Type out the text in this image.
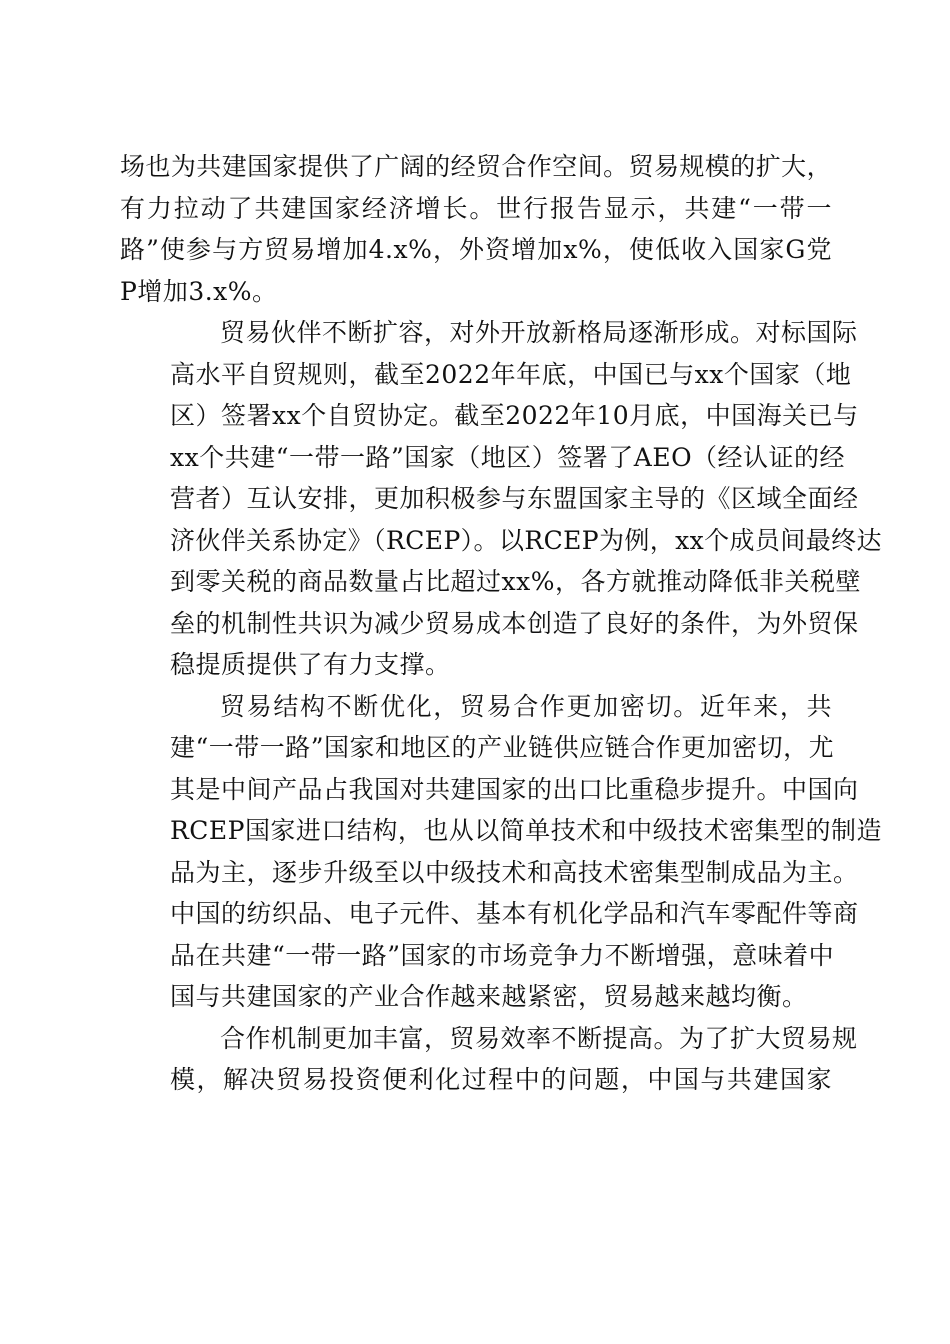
场也为共建国家提供了广阔的经贸合作空间。贸易规模的扩大，
有力拉动了共建国家经济增长。世行报告显示，共建“一带一
路”使参与方贸易增加4.x%，外资增加x%，使低收入国家G党
P增加3.x%。

贸易伙伴不断扩容，对外开放新格局逐渐形成。对标国际
高水平自贸规则，截至2022年年底，中国已与xx个国家（地
区）签署xx个自贸协定。截至2022年10月底，中国海关已与
xx个共建“一带一路”国家（地区）签署了AEO（经认证的经
营者）互认安排，更加积极参与东盟国家主导的《区域全面经
济伙伴关系协定》（RCEP）。以RCEP为例，xx个成员间最终达
到零关税的商品数量占比超过xx%，各方就推动降低非关税壁
垒的机制性共识为减少贸易成本创造了良好的条件，为外贸保
稳提质提供了有力支撑。

贸易结构不断优化，贸易合作更加密切。近年来，共
建“一带一路”国家和地区的产业链供应链合作更加密切，尤
其是中间产品占我国对共建国家的出口比重稳步提升。中国向
RCEP国家进口结构，也从以简单技术和中级技术密集型的制造
品为主，逐步升级至以中级技术和高技术密集型制成品为主。
中国的纺织品、电子元件、基本有机化学品和汽车零配件等商
品在共建“一带一路”国家的市场竞争力不断增强，意味着中
国与共建国家的产业合作越来越紧密，贸易越来越均衡。

合作机制更加丰富，贸易效率不断提高。为了扩大贸易规
模，解决贸易投资便利化过程中的问题，中国与共建国家
